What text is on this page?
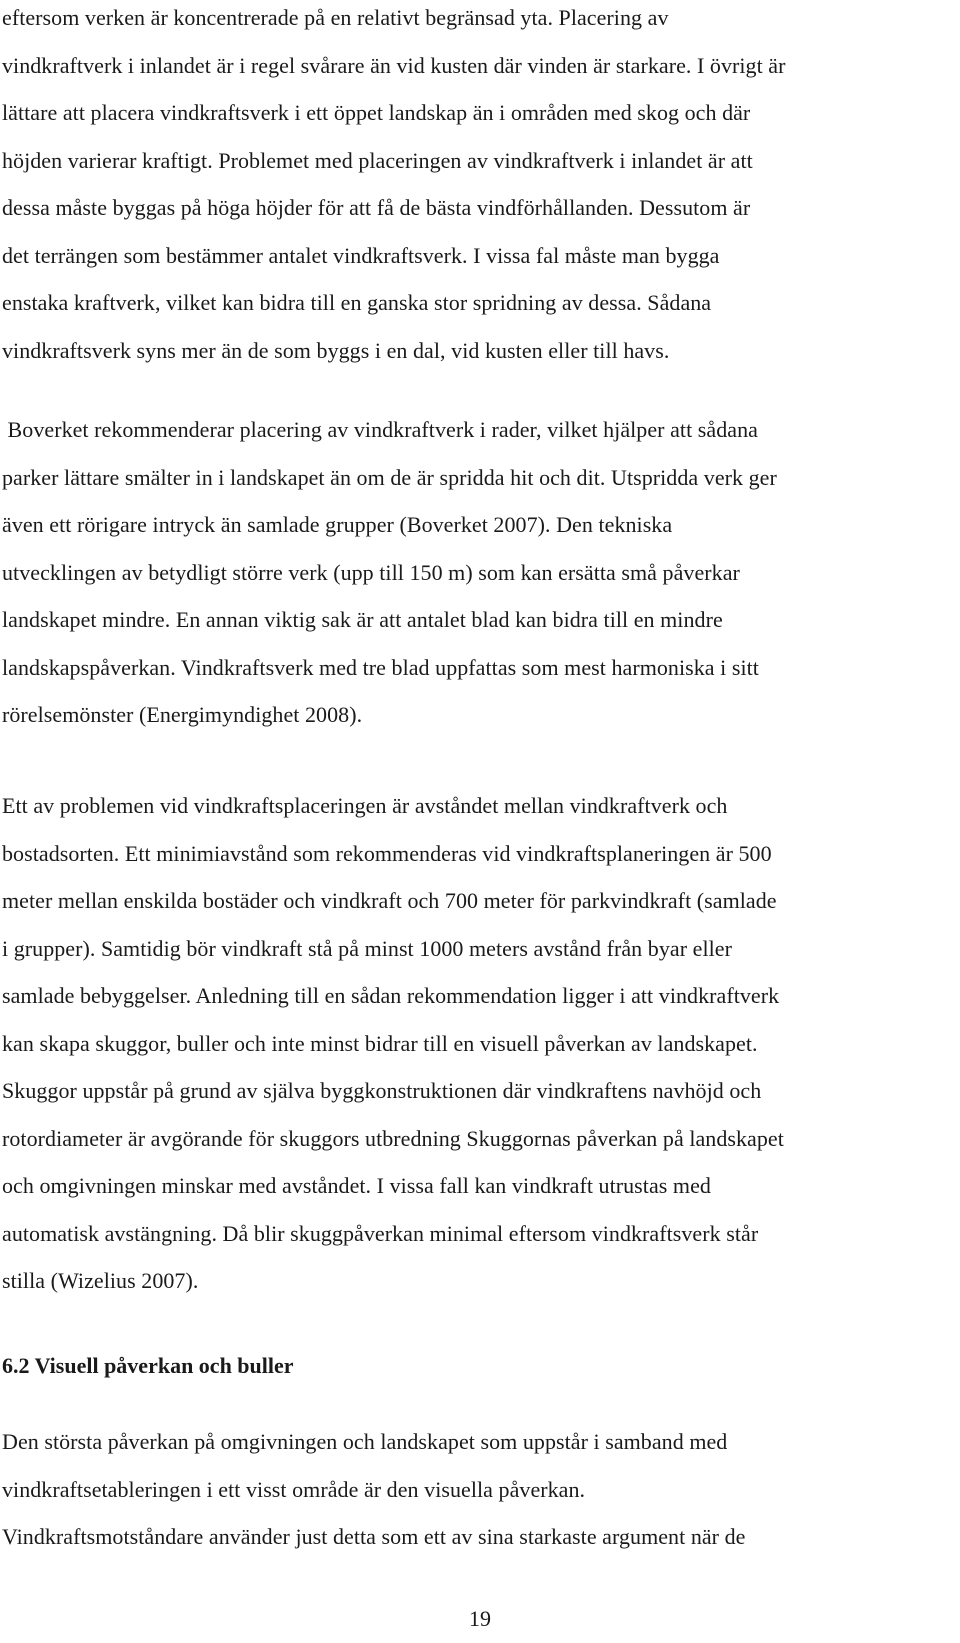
eftersom verken är koncentrerade på en relativt begränsad yta. Placering av
vindkraftverk i inlandet är i regel svårare än vid kusten där vinden är starkare. I övrigt är
lättare att placera vindkraftsverk i ett öppet landskap än i områden med skog och där
höjden varierar kraftigt. Problemet med placeringen av vindkraftverk i inlandet är att
dessa måste byggas på höga höjder för att få de bästa vindförhållanden. Dessutom är
det terrängen som bestämmer antalet vindkraftsverk. I vissa fal måste man bygga
enstaka kraftverk, vilket kan bidra till en ganska stor spridning av dessa. Sådana
vindkraftsverk syns mer än de som byggs i en dal, vid kusten eller till havs.

Boverket rekommenderar placering av vindkraftverk i rader, vilket hjälper att sådana
parker lättare smälter in i landskapet än om de är spridda hit och dit. Utspridda verk ger
även ett rörigare intryck än samlade grupper (Boverket 2007). Den tekniska
utvecklingen av betydligt större verk (upp till 150 m) som kan ersätta små påverkar
landskapet mindre. En annan viktig sak är att antalet blad kan bidra till en mindre
landskapspåverkan. Vindkraftsverk med tre blad uppfattas som mest harmoniska i sitt
rörelsemönster (Energimyndighet 2008).

Ett av problemen vid vindkraftsplaceringen är avståndet mellan vindkraftverk och
bostadsorten. Ett minimiavstånd som rekommenderas vid vindkraftsplaneringen är 500
meter mellan enskilda bostäder och vindkraft och 700 meter för parkvindkraft (samlade
i grupper). Samtidig bör vindkraft stå på minst 1000 meters avstånd från byar eller
samlade bebyggelser. Anledning till en sådan rekommendation ligger i att vindkraftverk
kan skapa skuggor, buller och inte minst bidrar till en visuell påverkan av landskapet.
Skuggor uppstår på grund av själva byggkonstruktionen där vindkraftens navhöjd och
rotordiameter är avgörande för skuggors utbredning Skuggornas påverkan på landskapet
och omgivningen minskar med avståndet. I vissa fall kan vindkraft utrustas med
automatisk avstängning. Då blir skuggpåverkan minimal eftersom vindkraftsverk står
stilla (Wizelius 2007).

6.2 Visuell påverkan och buller

Den största påverkan på omgivningen och landskapet som uppstår i samband med
vindkraftsetableringen i ett visst område är den visuella påverkan.
Vindkraftsmotståndare använder just detta som ett av sina starkaste argument när de

19
